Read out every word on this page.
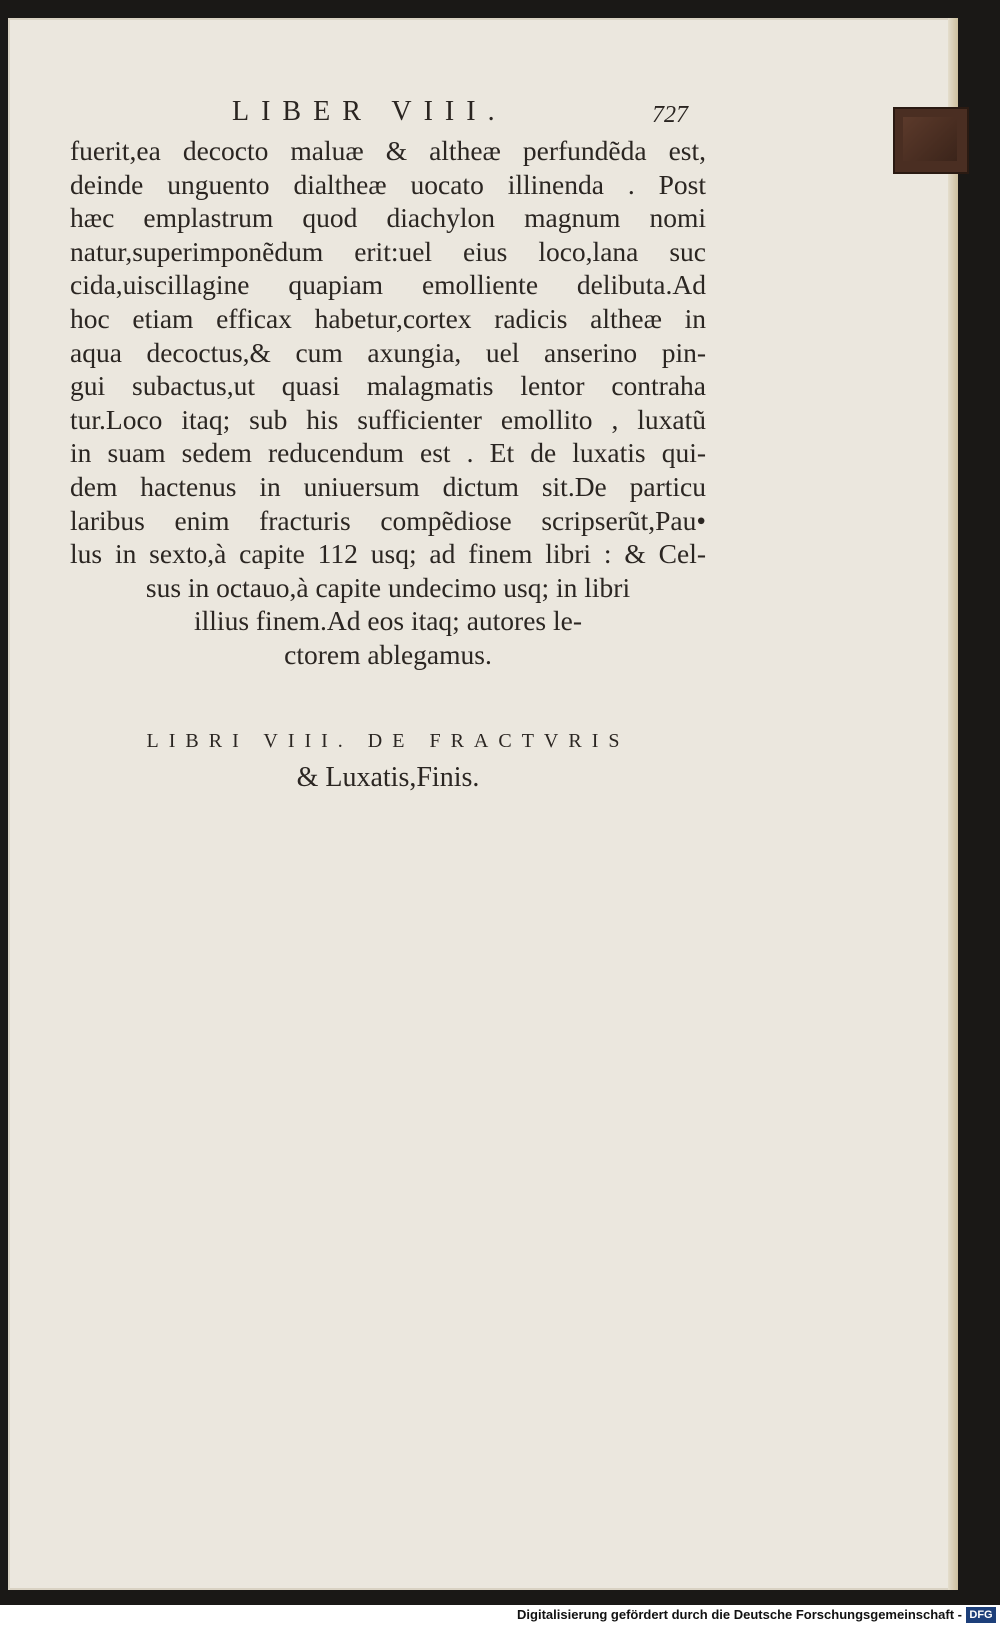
LIBER VIII.	727
fuerit,ea decocto maluæ & altheæ perfundẽda est,
deinde unguento dialtheæ uocato illinenda . Post
hæc emplastrum quod diachylon magnum nomi
natur,superimponẽdum erit:uel eius loco,lana suc
cida,uiscillagine quapiam emolliente delibuta.Ad
hoc etiam efficax habetur,cortex radicis altheæ in
aqua decoctus,& cum axungia, uel anserino pin-
gui subactus,ut quasi malagmatis lentor contraha
tur.Loco itaq; sub his sufficienter emollito , luxatũ
in suam sedem reducendum est . Et de luxatis qui-
dem hactenus in uniuersum dictum sit.De particu
laribus enim fracturis compẽdiose scripserũt,Pau•
lus in sexto,à capite 112 usq; ad finem libri : & Cel-
sus in octauo,à capite undecimo usq; in libri
illius finem.Ad eos itaq; autores le-
ctorem ablegamus.
LIBRI VIII. DE FRACTVRIS
& Luxatis,Finis.
Digitalisierung gefördert durch die Deutsche Forschungsgemeinschaft - DFG
